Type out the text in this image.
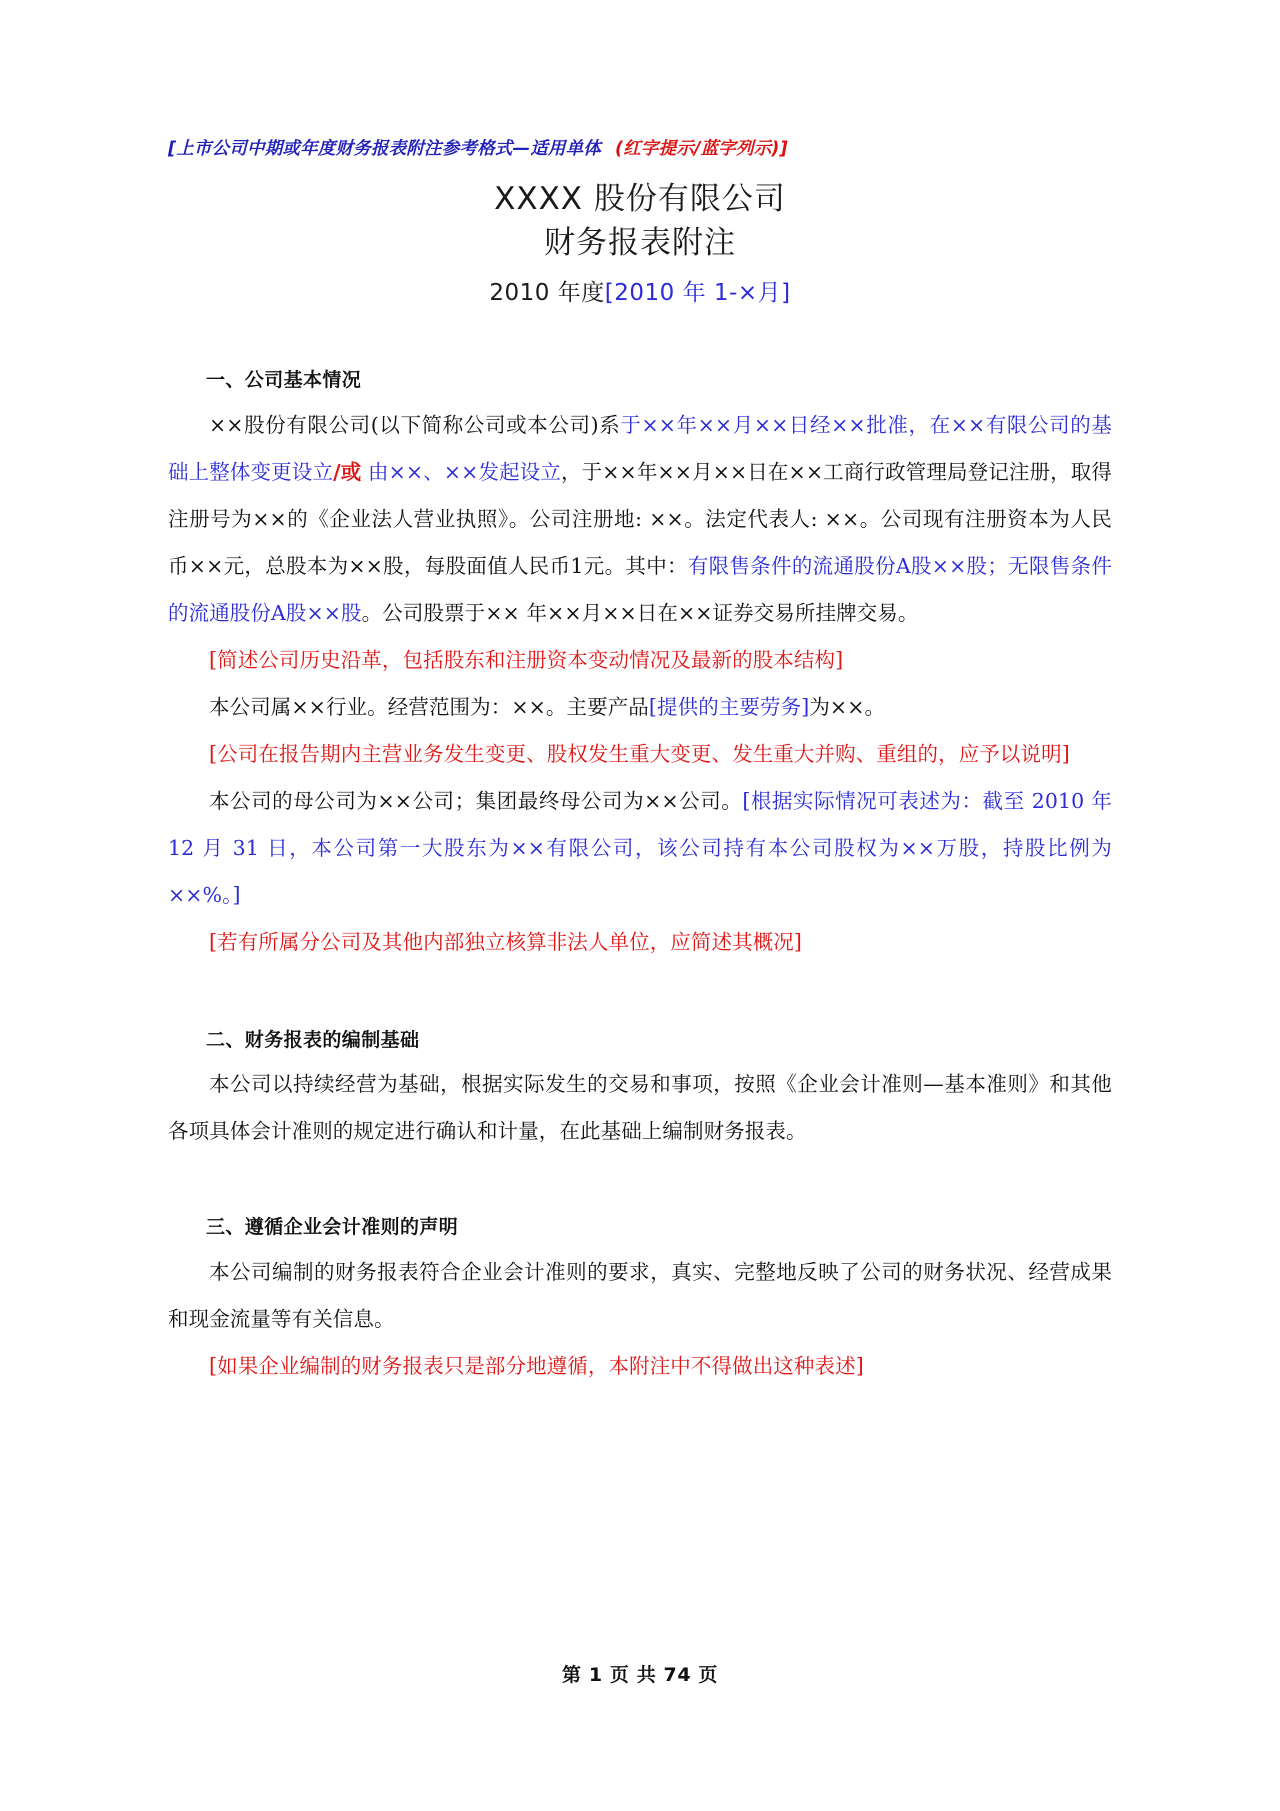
[上市公司中期或年度财务报表附注参考格式—适用单体 (红字提示/蓝字列示)]
XXXX 股份有限公司
财务报表附注
2010 年度[2010 年 1-×月]
一、公司基本情况

××股份有限公司(以下简称公司或本公司)系于××年××月××日经××批准，在××有限公司的基础上整体变更设立/或 由××、××发起设立，于××年××月××日在××工商行政管理局登记注册，取得注册号为××的《企业法人营业执照》。公司注册地: ××。法定代表人: ××。公司现有注册资本为人民币××元，总股本为××股，每股面值人民币1元。其中：有限售条件的流通股份A股××股；无限售条件的流通股份A股××股。公司股票于×× 年××月××日在××证券交易所挂牌交易。

[简述公司历史沿革，包括股东和注册资本变动情况及最新的股本结构]

本公司属××行业。经营范围为：××。主要产品[提供的主要劳务]为××。

[公司在报告期内主营业务发生变更、股权发生重大变更、发生重大并购、重组的，应予以说明]

本公司的母公司为××公司；集团最终母公司为××公司。[根据实际情况可表述为：截至 2010 年 12 月 31 日，本公司第一大股东为××有限公司，该公司持有本公司股权为××万股，持股比例为××%。]

[若有所属分公司及其他内部独立核算非法人单位，应简述其概况]

二、财务报表的编制基础

本公司以持续经营为基础，根据实际发生的交易和事项，按照《企业会计准则—基本准则》和其他各项具体会计准则的规定进行确认和计量，在此基础上编制财务报表。

三、遵循企业会计准则的声明

本公司编制的财务报表符合企业会计准则的要求，真实、完整地反映了公司的财务状况、经营成果和现金流量等有关信息。

[如果企业编制的财务报表只是部分地遵循，本附注中不得做出这种表述]

第 1 页 共 74 页
